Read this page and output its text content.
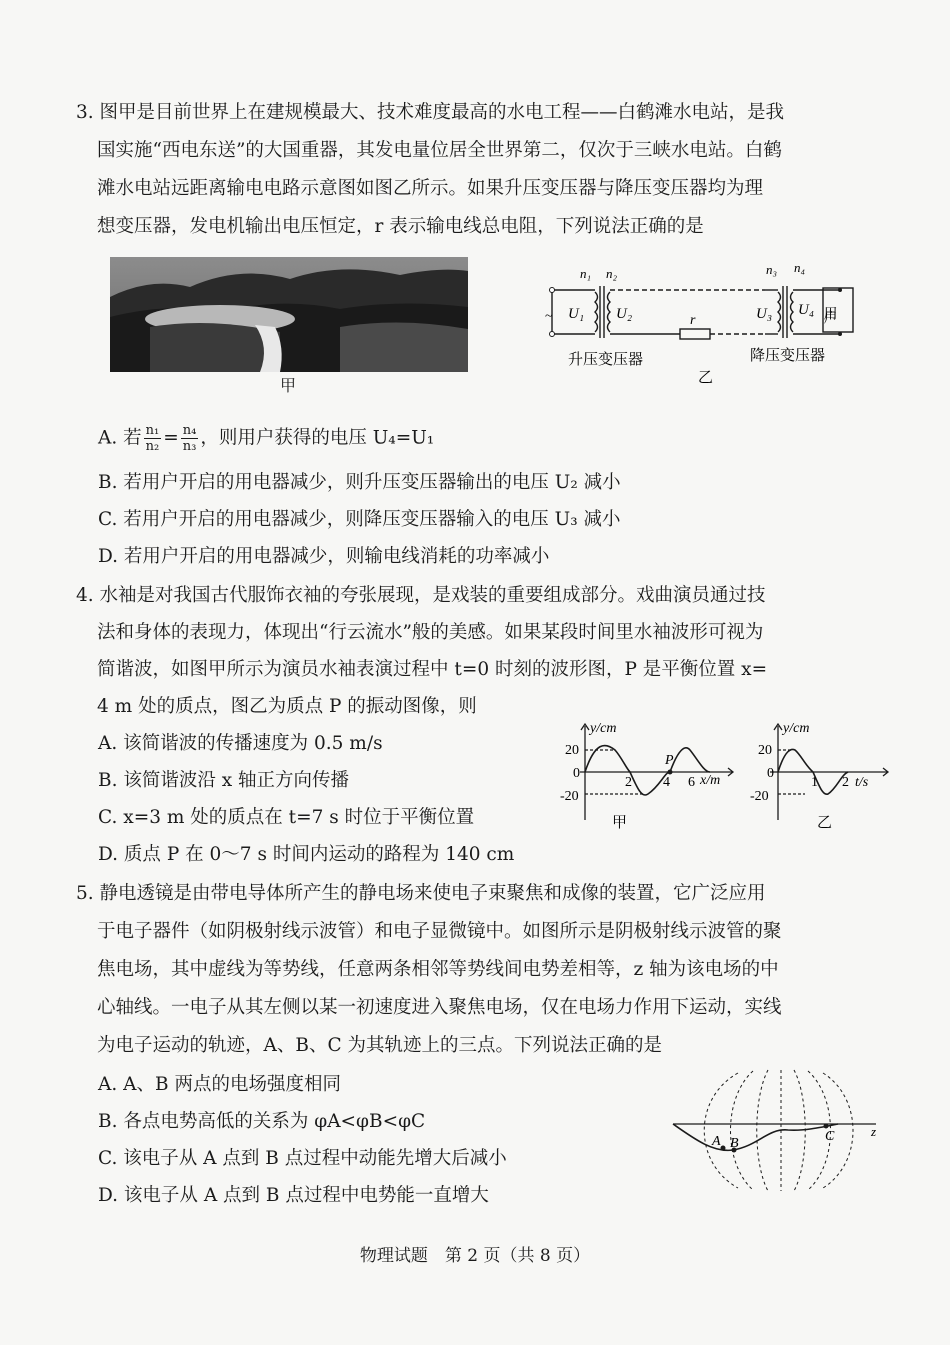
3. 图甲是目前世界上在建规模最大、技术难度最高的水电工程——白鹤滩水电站，是我
国实施“西电东送”的大国重器，其发电量位居全世界第二，仅次于三峡水电站。白鹤
滩水电站远距离输电电路示意图如图乙所示。如果升压变压器与降压变压器均为理
想变压器，发电机输出电压恒定，r 表示输电线总电阻，下列说法正确的是
甲
n₁ n₂	n₃ n₄
~ U₁ U₂	U₃ U₄
r	用户
升压变压器	降压变压器
乙
A. 若 $\frac{\text{n₁}}{\text{n₂}} = \frac{\text{n₄}}{\text{n₃}}$ ，则用户获得的电压 U₄=U₁
B. 若用户开启的用电器减少，则升压变压器输出的电压 U₂ 减小
C. 若用户开启的用电器减少，则降压变压器输入的电压 U₃ 减小
D. 若用户开启的用电器减少，则输电线消耗的功率减小
4. 水袖是对我国古代服饰衣袖的夸张展现，是戏装的重要组成部分。戏曲演员通过技
法和身体的表现力，体现出“行云流水”般的美感。如果某段时间里水袖波形可视为
简谐波，如图甲所示为演员水袖表演过程中 t=0 时刻的波形图，P 是平衡位置 x=
4 m 处的质点，图乙为质点 P 的振动图像，则
A. 该简谐波的传播速度为 0.5 m/s
B. 该简谐波沿 x 轴正方向传播
C. x=3 m 处的质点在 t=7 s 时位于平衡位置
D. 质点 P 在 0～7 s 时间内运动的路程为 140 cm
y/cm
x/m
20
-20
0
2 4 6
P
甲
y/cm
t/s
20
-20
0
1 2
乙
5. 静电透镜是由带电导体所产生的静电场来使电子束聚焦和成像的装置，它广泛应用
于电子器件（如阴极射线示波管）和电子显微镜中。如图所示是阴极射线示波管的聚
焦电场，其中虚线为等势线，任意两条相邻等势线间电势差相等，z 轴为该电场的中
心轴线。一电子从其左侧以某一初速度进入聚焦电场，仅在电场力作用下运动，实线
为电子运动的轨迹，A、B、C 为其轨迹上的三点。下列说法正确的是
A. A、B 两点的电场强度相同
B. 各点电势高低的关系为 φA<φB<φC
C. 该电子从 A 点到 B 点过程中动能先增大后减小
D. 该电子从 A 点到 B 点过程中电势能一直增大
A B	C	z
物理试题　第 2 页（共 8 页）
